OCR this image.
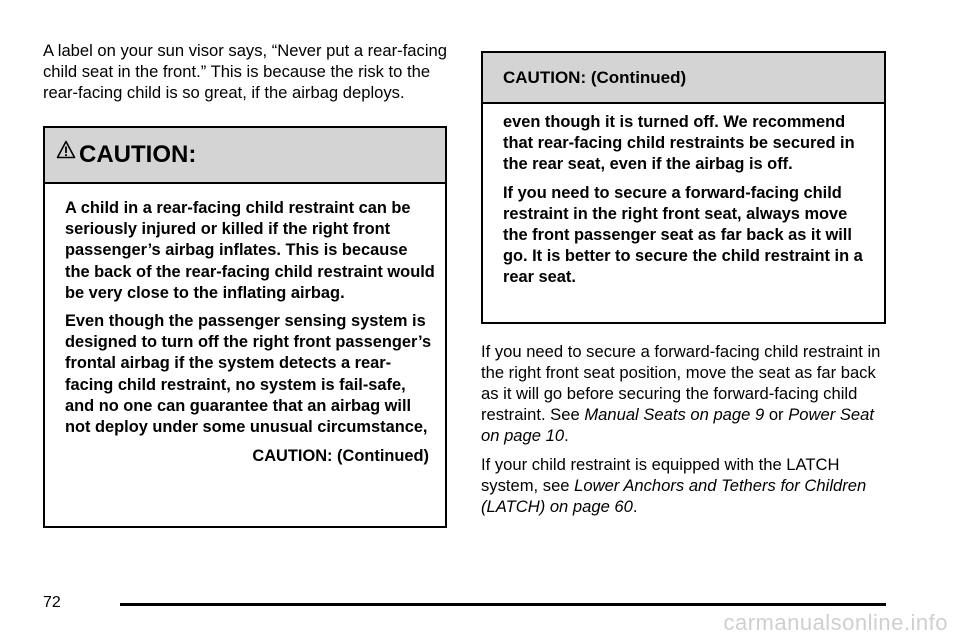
A label on your sun visor says, “Never put a rear-facing child seat in the front.” This is because the risk to the rear-facing child is so great, if the airbag deploys.

CAUTION:

A child in a rear-facing child restraint can be seriously injured or killed if the right front passenger’s airbag inflates. This is because the back of the rear-facing child restraint would be very close to the inflating airbag.

Even though the passenger sensing system is designed to turn off the right front passenger’s frontal airbag if the system detects a rear-facing child restraint, no system is fail-safe, and no one can guarantee that an airbag will not deploy under some unusual circumstance,

CAUTION: (Continued)
CAUTION: (Continued)

even though it is turned off. We recommend that rear-facing child restraints be secured in the rear seat, even if the airbag is off.

If you need to secure a forward-facing child restraint in the right front seat, always move the front passenger seat as far back as it will go. It is better to secure the child restraint in a rear seat.

If you need to secure a forward-facing child restraint in the right front seat position, move the seat as far back as it will go before securing the forward-facing child restraint. See Manual Seats on page 9 or Power Seat on page 10.

If your child restraint is equipped with the LATCH system, see Lower Anchors and Tethers for Children (LATCH) on page 60.

72
carmanualsonline.info
